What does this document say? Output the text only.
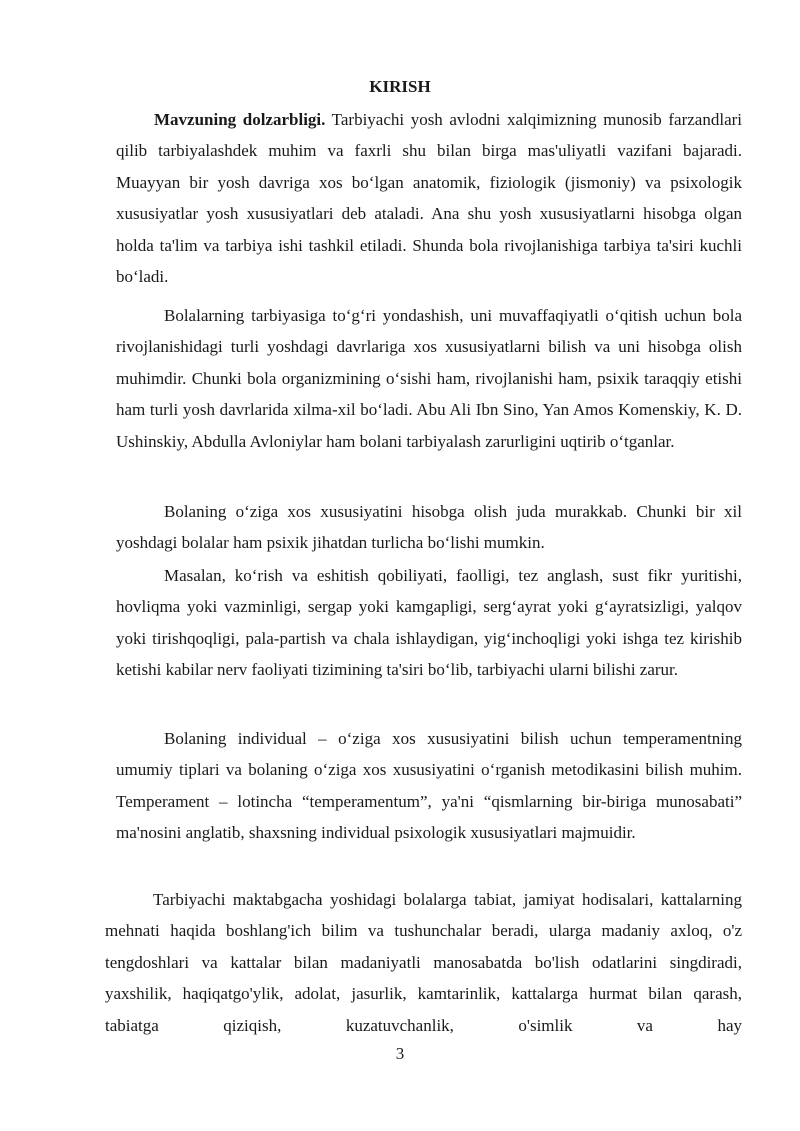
KIRISH

Mavzuning dolzarbligi. Tarbiyachi yosh avlodni xalqimizning munosib farzandlari qilib tarbiyalashdek muhim va faxrli shu bilan birga mas'uliyatli vazifani bajaradi. Muayyan bir yosh davriga xos bo‘lgan anatomik, fiziologik (jismoniy) va psixologik xususiyatlar yosh xususiyatlari deb ataladi. Ana shu yosh xususiyatlarni hisobga olgan holda ta'lim va tarbiya ishi tashkil etiladi. Shunda bola rivojlanishiga tarbiya ta'siri kuchli bo‘ladi.

Bolalarning tarbiyasiga to‘g‘ri yondashish, uni muvaffaqiyatli o‘qitish uchun bola rivojlanishidagi turli yoshdagi davrlariga xos xususiyatlarni bilish va uni hisobga olish muhimdir. Chunki bola organizmining o‘sishi ham, rivojlanishi ham, psixik taraqqiy etishi ham turli yosh davrlarida xilma-xil bo‘ladi. Abu Ali Ibn Sino, Yan Amos Komenskiy, K. D. Ushinskiy, Abdulla Avloniylar ham bolani tarbiyalash zarurligini uqtirib o‘tganlar.

Bolaning o‘ziga xos xususiyatini hisobga olish juda murakkab. Chunki bir xil yoshdagi bolalar ham psixik jihatdan turlicha bo‘lishi mumkin.

Masalan, ko‘rish va eshitish qobiliyati, faolligi, tez anglash, sust fikr yuritishi, hovliqma yoki vazminligi, sergap yoki kamgapligi, serg‘ayrat yoki g‘ayratsizligi, yalqov yoki tirishqoqligi, pala-partish va chala ishlaydigan, yig‘inchoqligi yoki ishga tez kirishib ketishi kabilar nerv faoliyati tizimining ta'siri bo‘lib, tarbiyachi ularni bilishi zarur.

Bolaning individual – o‘ziga xos xususiyatini bilish uchun temperamentning umumiy tiplari va bolaning o‘ziga xos xususiyatini o‘rganish metodikasini bilish muhim. Temperament – lotincha “temperamentum”, ya'ni “qismlarning bir-biriga munosabati” ma'nosini anglatib, shaxsning individual psixologik xususiyatlari majmuidir.

Tarbiyachi maktabgacha yoshidagi bolalarga tabiat, jamiyat hodisalari, kattalarning mehnati haqida boshlang'ich bilim va tushunchalar beradi, ularga madaniy axloq, o'z tengdoshlari va kattalar bilan madaniyatli manosabatda bo'lish odatlarini singdiradi, yaxshilik, haqiqatgo'ylik, adolat, jasurlik, kamtarinlik, kattalarga hurmat bilan qarash, tabiatga qiziqish, kuzatuvchanlik, o'simlik va hay

3
